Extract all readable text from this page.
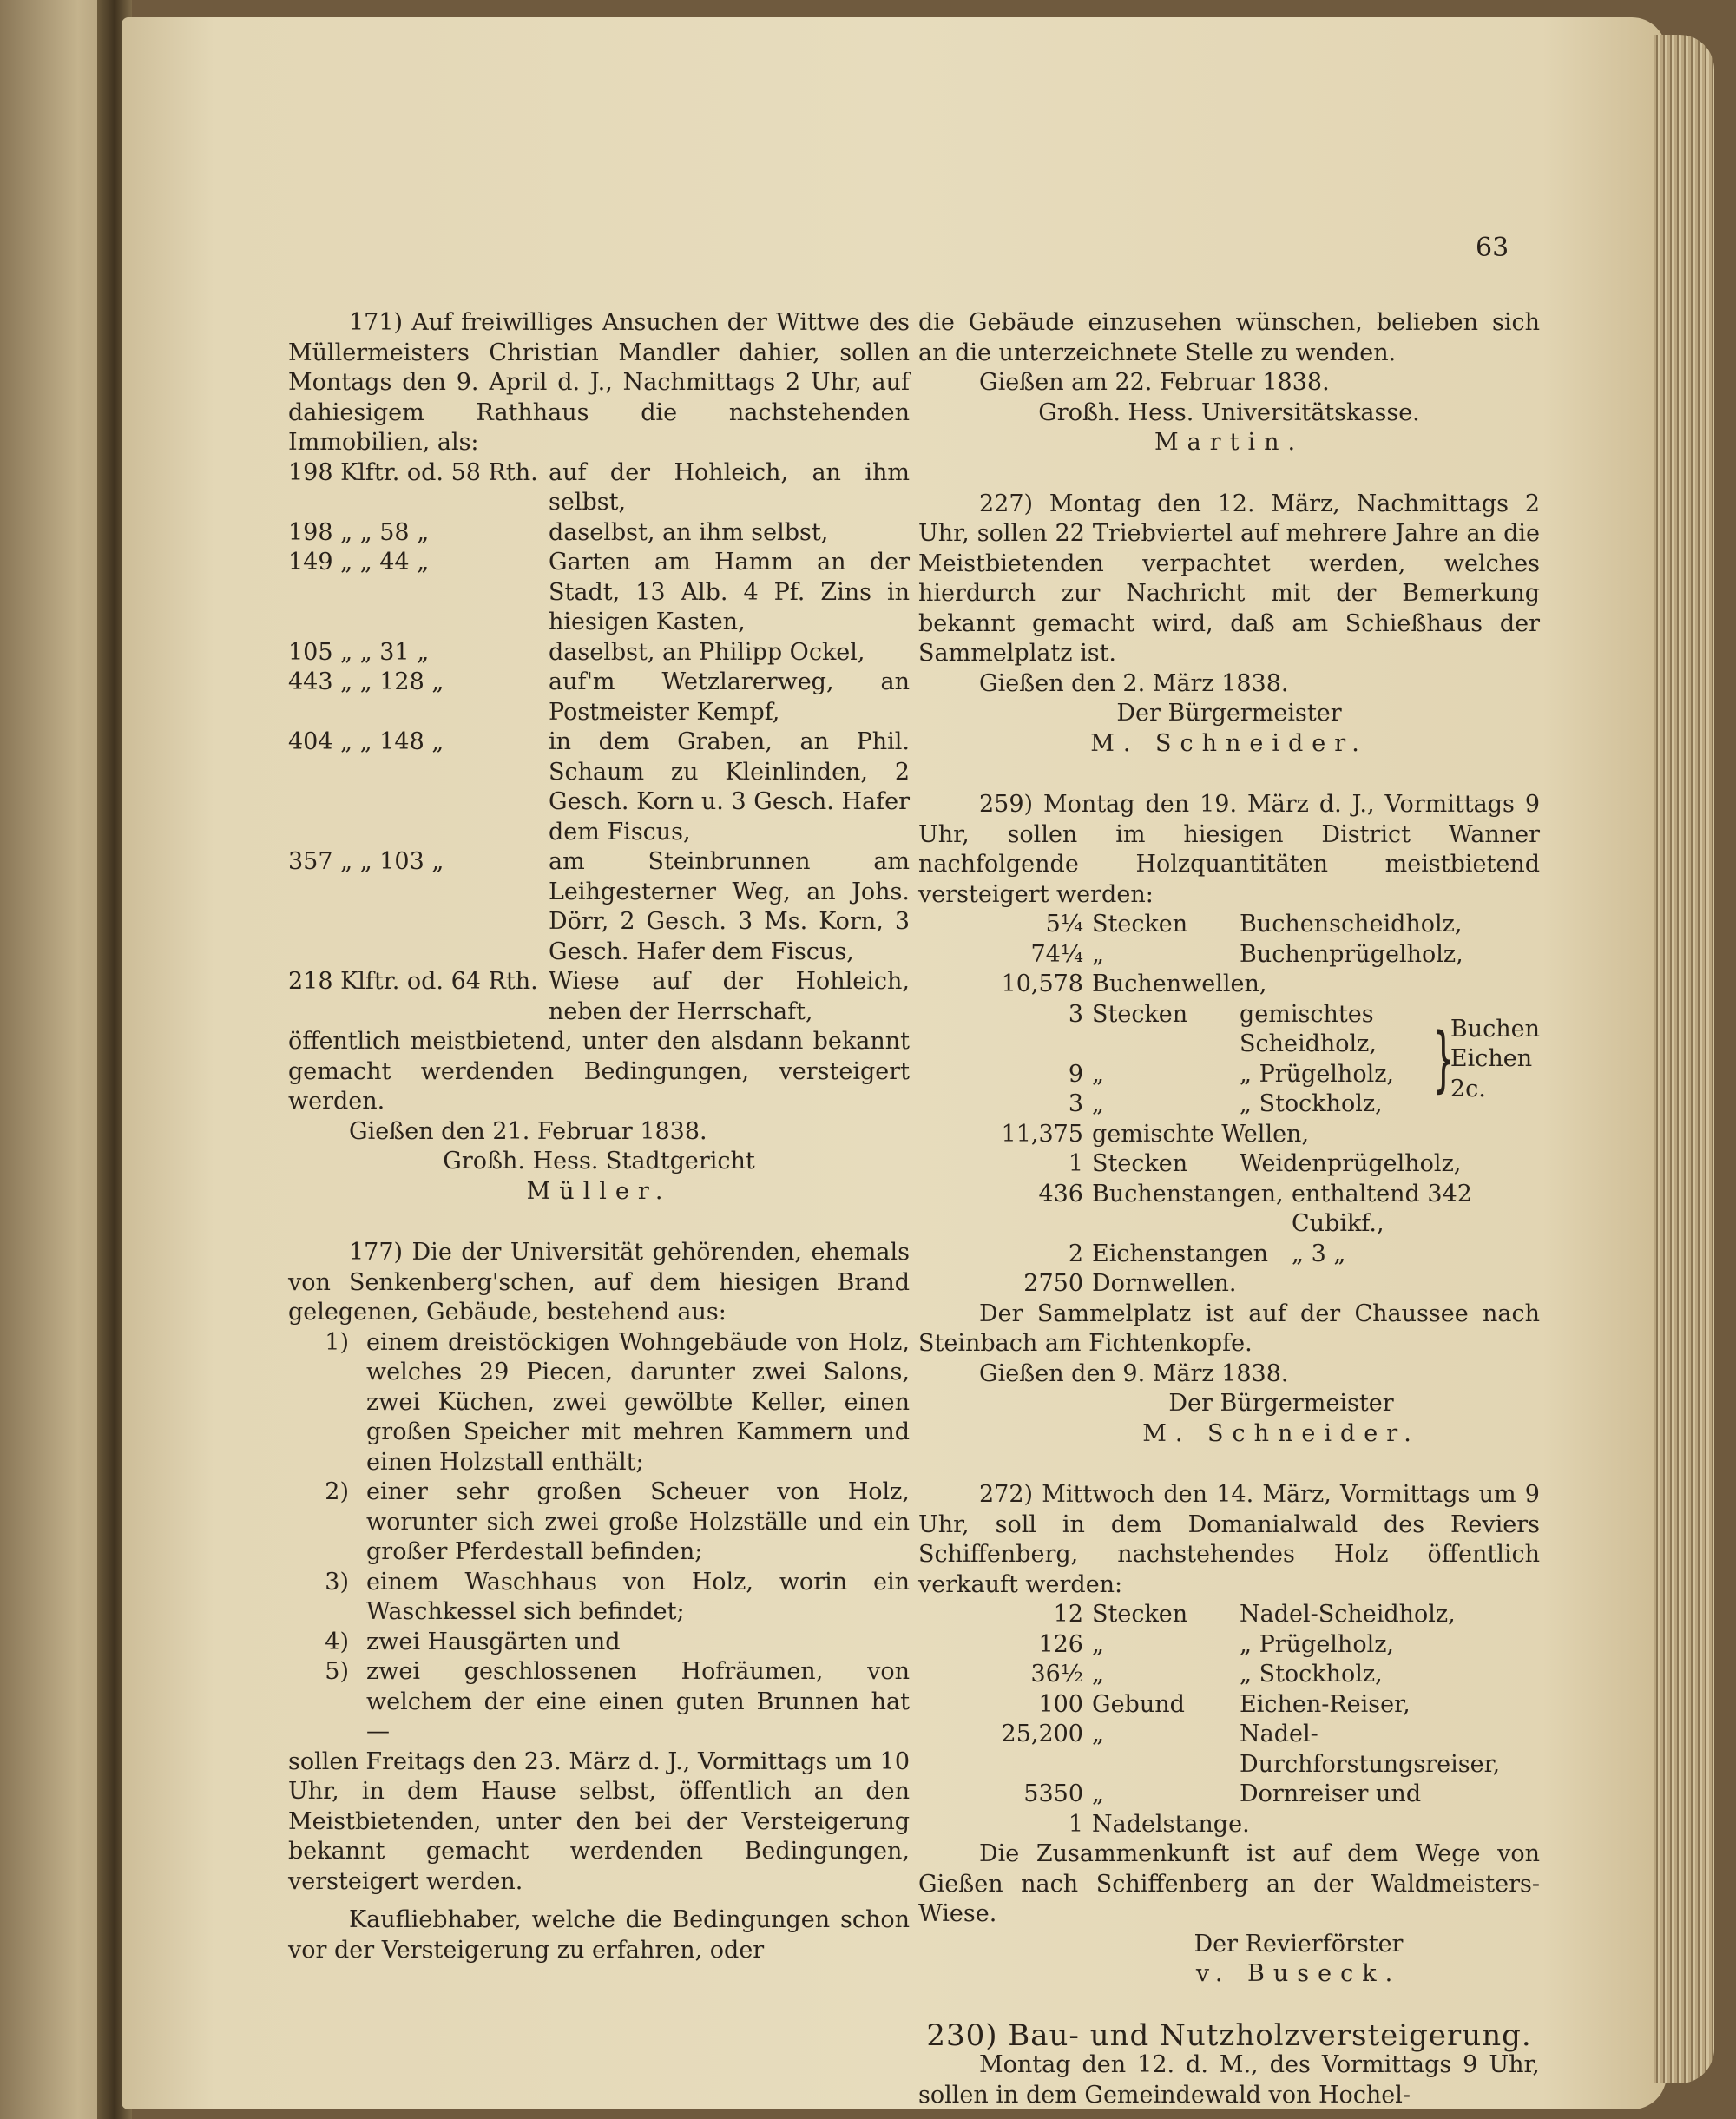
63

171) Auf freiwilliges Ansuchen der Wittwe des Müllermeisters Christian Mandler dahier, sollen Montags den 9. April d. J., Nachmittags 2 Uhr, auf dahiesigem Rathhaus die nachstehenden Immobilien, als:

198 Klftr. od. 58 Rth. auf der Hohleich, an ihm selbst,
198 „ „ 58 „	daselbst, an ihm selbst,
149 „ „ 44 „	Garten am Hamm an der Stadt, 13 Alb. 4 Pf. Zins in hiesigen Kasten,
105 „ „ 31 „	daselbst, an Philipp Ockel,
443 „ „ 128 „	auf'm Wetzlarerweg, an Postmeister Kempf,
404 „ „ 148 „	in dem Graben, an Phil. Schaum zu Kleinlinden, 2 Gesch. Korn u. 3 Gesch. Hafer dem Fiscus,
357 „ „ 103 „	am Steinbrunnen am Leihgesterner Weg, an Johs. Dörr, 2 Gesch. 3 Ms. Korn, 3 Gesch. Hafer dem Fiscus,
218 Klftr. od. 64 Rth. Wiese auf der Hohleich, neben der Herrschaft,

öffentlich meistbietend, unter den alsdann bekannt gemacht werdenden Bedingungen, versteigert werden.

Gießen den 21. Februar 1838.

Großh. Hess. Stadtgericht

Müller.

177) Die der Universität gehörenden, ehemals von Senkenberg'schen, auf dem hiesigen Brand gelegenen, Gebäude, bestehend aus:

1) einem dreistöckigen Wohngebäude von Holz, welches 29 Piecen, darunter zwei Salons, zwei Küchen, zwei gewölbte Keller, einen großen Speicher mit mehren Kammern und einen Holzstall enthält;
2) einer sehr großen Scheuer von Holz, worunter sich zwei große Holzställe und ein großer Pferdestall befinden;
3) einem Waschhaus von Holz, worin ein Waschkessel sich befindet;
4) zwei Hausgärten und
5) zwei geschlossenen Hofräumen, von welchem der eine einen guten Brunnen hat —

sollen Freitags den 23. März d. J., Vormittags um 10 Uhr, in dem Hause selbst, öffentlich an den Meistbietenden, unter den bei der Versteigerung bekannt gemacht werdenden Bedingungen, versteigert werden.

Kaufliebhaber, welche die Bedingungen schon vor der Versteigerung zu erfahren, oder

die Gebäude einzusehen wünschen, belieben sich an die unterzeichnete Stelle zu wenden.

Gießen am 22. Februar 1838.

Großh. Hess. Universitätskasse.

Martin.

227) Montag den 12. März, Nachmittags 2 Uhr, sollen 22 Triebviertel auf mehrere Jahre an die Meistbietenden verpachtet werden, welches hierdurch zur Nachricht mit der Bemerkung bekannt gemacht wird, daß am Schießhaus der Sammelplatz ist.

Gießen den 2. März 1838.

Der Bürgermeister

M. Schneider.

259) Montag den 19. März d. J., Vormittags 9 Uhr, sollen im hiesigen District Wanner nachfolgende Holzquantitäten meistbietend versteigert werden:

5¼ Stecken	Buchenscheidholz,
74¼ „	Buchenprügelholz,
10,578 Buchenwellen,
3 Stecken	gemischtes Scheidholz,
9 „	„ Prügelholz,
3 „	„ Stockholz,
}
Buchen
Eichen
2c.
11,375 gemischte Wellen,
1 Stecken	Weidenprügelholz,
436 Buchenstangen, enthaltend 342 Cubikf.,
2 Eichenstangen „ 3 „
2750 Dornwellen.

Der Sammelplatz ist auf der Chaussee nach Steinbach am Fichtenkopfe.

Gießen den 9. März 1838.

Der Bürgermeister

M. Schneider.

272) Mittwoch den 14. März, Vormittags um 9 Uhr, soll in dem Domanialwald des Reviers Schiffenberg, nachstehendes Holz öffentlich verkauft werden:

12 Stecken	Nadel-Scheidholz,
126 „	„ Prügelholz,
36½ „	„ Stockholz,
100 Gebund	Eichen-Reiser,
25,200 „	Nadel-Durchforstungsreiser,
5350 „	Dornreiser und
1 Nadelstange.

Die Zusammenkunft ist auf dem Wege von Gießen nach Schiffenberg an der Waldmeisters-Wiese.

Der Revierförster

v. Buseck.

230) Bau- und Nutzholzversteigerung.

Montag den 12. d. M., des Vormittags 9 Uhr, sollen in dem Gemeindewald von Hochel-
